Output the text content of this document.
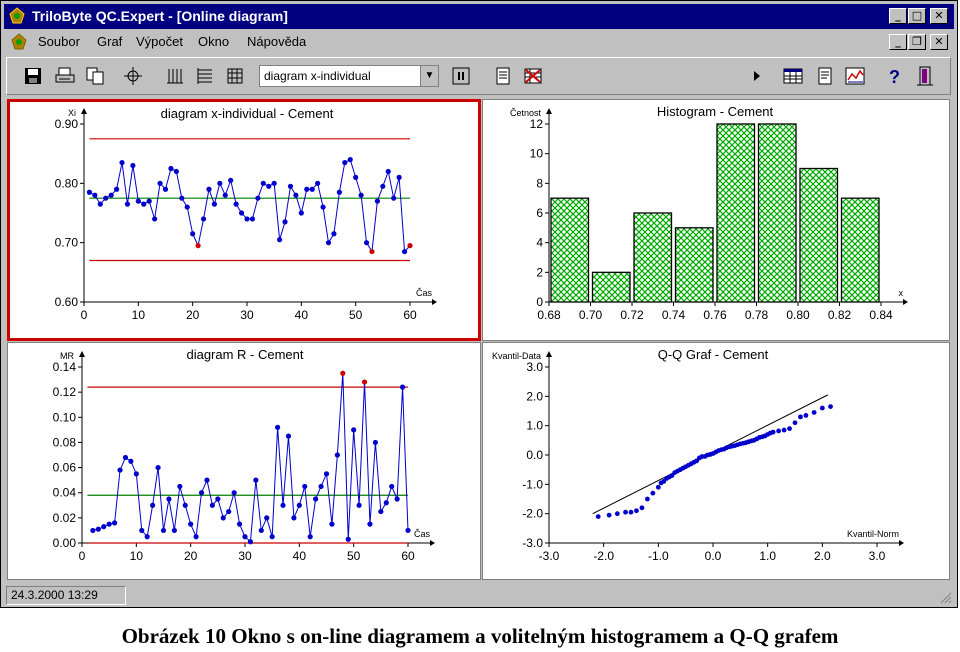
TriloByte QC.Expert - [Online diagram]	_	□	✕
Soubor Graf Výpočet Okno Nápověda	_	❐	✕
diagram x-individual	▼	?
0	10	20	30	40	50	60
0.60
0.70
0.80
0.90
Xi
Čas
diagram x-individual - Cement
0.68 0.70 0.72 0.74 0.76 0.78 0.80 0.82 0.84
0
2
4
6
8
10
12
Četnost
x
Histogram - Cement
0	10	20	30	40	50	60
0.00
0.02
0.04
0.06
0.08
0.10
0.12
0.14
MR
Čas
diagram R - Cement
-3.0	-2.0	-1.0	0.0	1.0	2.0	3.0
-3.0
-2.0
-1.0
0.0
1.0
2.0
3.0
Kvantil-Data
Kvantil-Norm
Q-Q Graf - Cement
24.3.2000 13:29
Obrázek 10 Okno s on-line diagramem a volitelným histogramem a Q-Q grafem
